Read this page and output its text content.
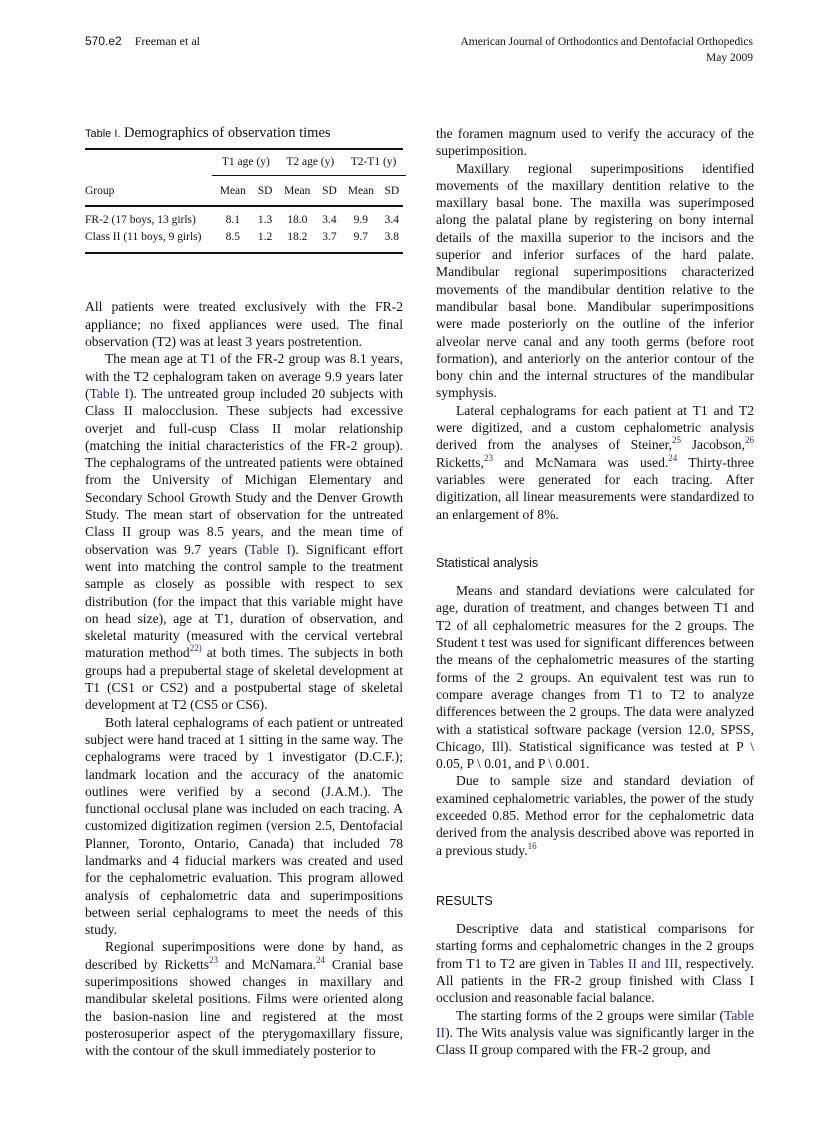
570.e2 Freeman et al	American Journal of Orthodontics and Dentofacial Orthopedics
May 2009
Table I. Demographics of observation times
	T1 age (y)		T2 age (y)		T2-T1 (y)	
Group	Mean	SD	Mean	SD	Mean	SD
FR-2 (17 boys, 13 girls)	8.1	1.3	18.0	3.4	9.9	3.4
Class II (11 boys, 9 girls)	8.5	1.2	18.2	3.7	9.7	3.8

All patients were treated exclusively with the FR-2 appliance; no fixed appliances were used. The final observation (T2) was at least 3 years postretention.

The mean age at T1 of the FR-2 group was 8.1 years, with the T2 cephalogram taken on average 9.9 years later (Table I). The untreated group included 20 subjects with Class II malocclusion. These subjects had excessive overjet and full-cusp Class II molar relationship (matching the initial characteristics of the FR-2 group). The cephalograms of the untreated patients were obtained from the University of Michigan Elementary and Secondary School Growth Study and the Denver Growth Study. The mean start of observation for the untreated Class II group was 8.5 years, and the mean time of observation was 9.7 years (Table I). Significant effort went into matching the control sample to the treatment sample as closely as possible with respect to sex distribution (for the impact that this variable might have on head size), age at T1, duration of observation, and skeletal maturity (measured with the cervical vertebral maturation method$^{22)}$ at both times. The subjects in both groups had a prepubertal stage of skeletal development at T1 (CS1 or CS2) and a postpubertal stage of skeletal development at T2 (CS5 or CS6).

Both lateral cephalograms of each patient or untreated subject were hand traced at 1 sitting in the same way. The cephalograms were traced by 1 investigator (D.C.F.); landmark location and the accuracy of the anatomic outlines were verified by a second (J.A.M.). The functional occlusal plane was included on each tracing. A customized digitization regimen (version 2.5, Dentofacial Planner, Toronto, Ontario, Canada) that included 78 landmarks and 4 fiducial markers was created and used for the cephalometric evaluation. This program allowed analysis of cephalometric data and superimpositions between serial cephalograms to meet the needs of this study.

Regional superimpositions were done by hand, as described by Ricketts$^{23}$ and McNamara.$^{24}$ Cranial base superimpositions showed changes in maxillary and mandibular skeletal positions. Films were oriented along the basion-nasion line and registered at the most posterosuperior aspect of the pterygomaxillary fissure, with the contour of the skull immediately posterior to

the foramen magnum used to verify the accuracy of the superimposition.

Maxillary regional superimpositions identified movements of the maxillary dentition relative to the maxillary basal bone. The maxilla was superimposed along the palatal plane by registering on bony internal details of the maxilla superior to the incisors and the superior and inferior surfaces of the hard palate. Mandibular regional superimpositions characterized movements of the mandibular dentition relative to the mandibular basal bone. Mandibular superimpositions were made posteriorly on the outline of the inferior alveolar nerve canal and any tooth germs (before root formation), and anteriorly on the anterior contour of the bony chin and the internal structures of the mandibular symphysis.

Lateral cephalograms for each patient at T1 and T2 were digitized, and a custom cephalometric analysis derived from the analyses of Steiner,$^{25}$ Jacobson,$^{26}$ Ricketts,$^{23}$ and McNamara was used.$^{24}$ Thirty-three variables were generated for each tracing. After digitization, all linear measurements were standardized to an enlargement of 8%.

Statistical analysis

Means and standard deviations were calculated for age, duration of treatment, and changes between T1 and T2 of all cephalometric measures for the 2 groups. The Student t test was used for significant differences between the means of the cephalometric measures of the starting forms of the 2 groups. An equivalent test was run to compare average changes from T1 to T2 to analyze differences between the 2 groups. The data were analyzed with a statistical software package (version 12.0, SPSS, Chicago, Ill). Statistical significance was tested at P \ 0.05, P \ 0.01, and P \ 0.001.

Due to sample size and standard deviation of examined cephalometric variables, the power of the study exceeded 0.85. Method error for the cephalometric data derived from the analysis described above was reported in a previous study.$^{16}$

RESULTS

Descriptive data and statistical comparisons for starting forms and cephalometric changes in the 2 groups from T1 to T2 are given in Tables II and III, respectively. All patients in the FR-2 group finished with Class I occlusion and reasonable facial balance.

The starting forms of the 2 groups were similar (Table II). The Wits analysis value was significantly larger in the Class II group compared with the FR-2 group, and
